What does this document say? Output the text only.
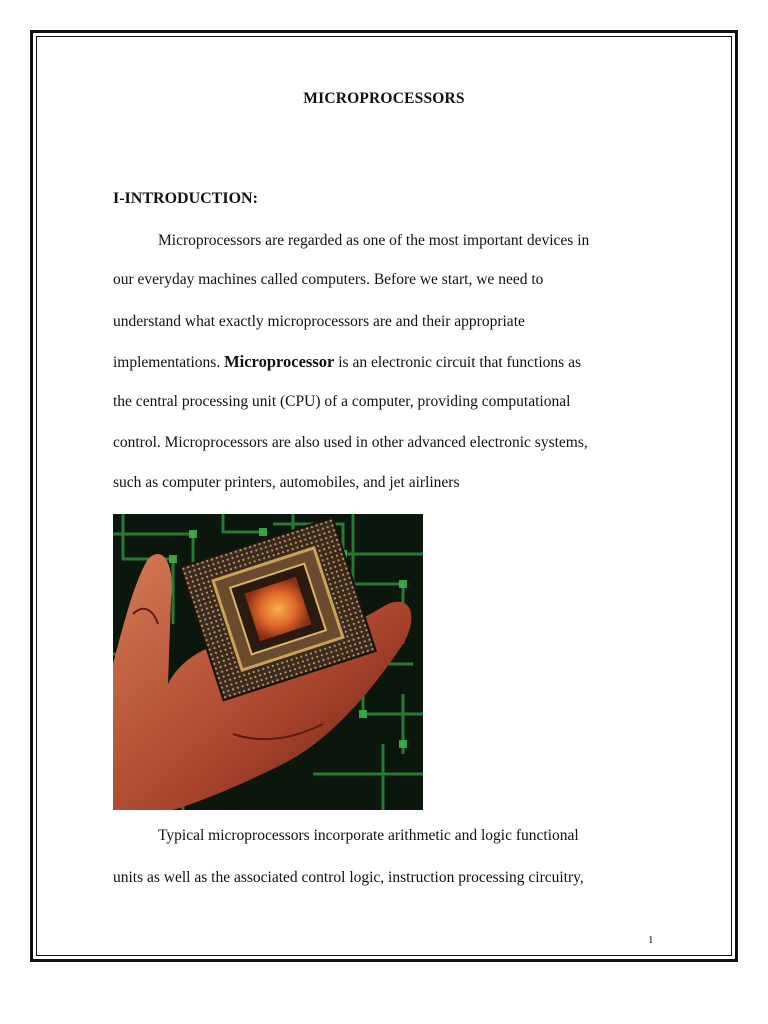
MICROPROCESSORS
I-INTRODUCTION:
Microprocessors are regarded as one of the most important devices in
our everyday machines called computers. Before we start, we need to
understand what exactly microprocessors are and their appropriate
implementations. Microprocessor is an electronic circuit that functions as
the central processing unit (CPU) of a computer, providing computational
control. Microprocessors are also used in other advanced electronic systems,
such as computer printers, automobiles, and jet airliners
Typical microprocessors incorporate arithmetic and logic functional
units as well as the associated control logic, instruction processing circuitry,
1
